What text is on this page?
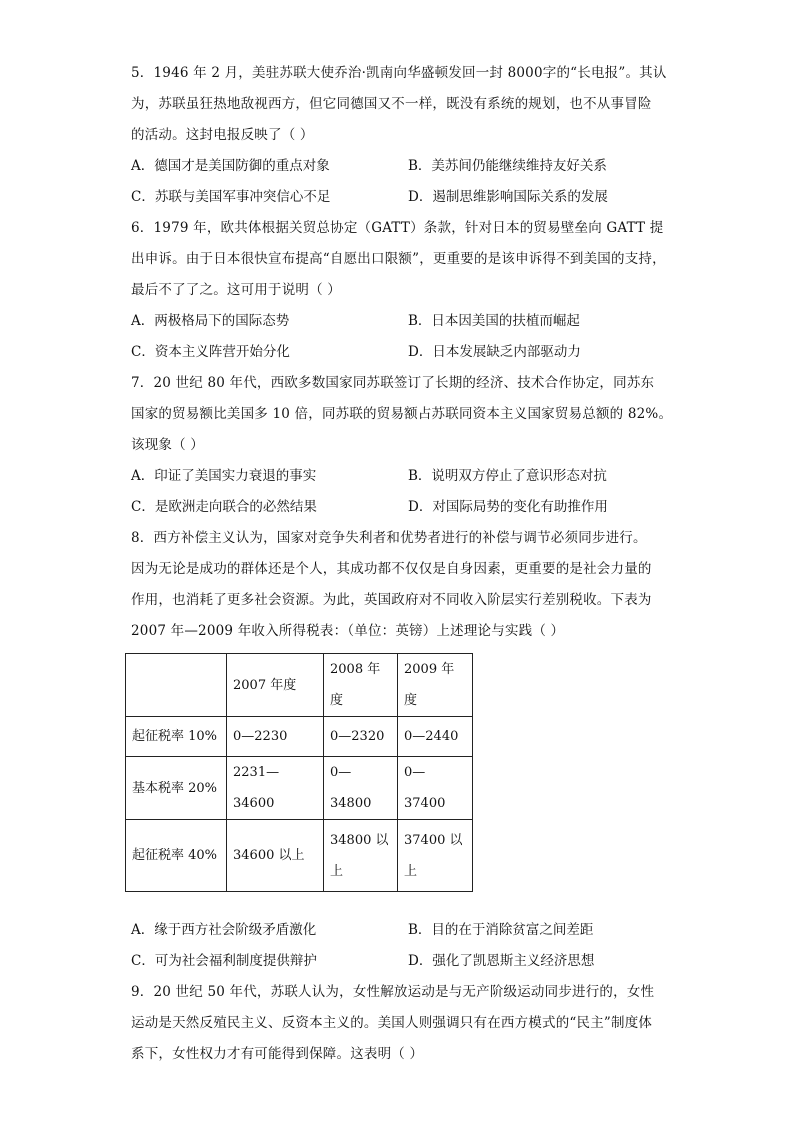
5．1946 年 2 月，美驻苏联大使乔治·凯南向华盛顿发回一封 8000字的“长电报”。其认
为，苏联虽狂热地敌视西方，但它同德国又不一样，既没有系统的规划，也不从事冒险
的活动。这封电报反映了（ ）
A．德国才是美国防御的重点对象	B．美苏间仍能继续维持友好关系
C．苏联与美国军事冲突信心不足	D．遏制思维影响国际关系的发展
6．1979 年，欧共体根据关贸总协定（GATT）条款，针对日本的贸易壁垒向 GATT 提
出申诉。由于日本很快宣布提高“自愿出口限额”，更重要的是该申诉得不到美国的支持，
最后不了了之。这可用于说明（ ）
A．两极格局下的国际态势	B．日本因美国的扶植而崛起
C．资本主义阵营开始分化	D．日本发展缺乏内部驱动力
7．20 世纪 80 年代，西欧多数国家同苏联签订了长期的经济、技术合作协定，同苏东
国家的贸易额比美国多 10 倍，同苏联的贸易额占苏联同资本主义国家贸易总额的 82%。
该现象（ ）
A．印证了美国实力衰退的事实	B．说明双方停止了意识形态对抗
C．是欧洲走向联合的必然结果	D．对国际局势的变化有助推作用
8．西方补偿主义认为，国家对竞争失利者和优势者进行的补偿与调节必须同步进行。
因为无论是成功的群体还是个人，其成功都不仅仅是自身因素，更重要的是社会力量的
作用，也消耗了更多社会资源。为此，英国政府对不同收入阶层实行差别税收。下表为
2007 年—2009 年收入所得税表：（单位：英镑）上述理论与实践（ ）
	2007 年度	2008 年度	2009 年度
起征税率 10%	0—2230	0—2320	0—2440
基本税率 20%	2231—34600	0—34800	0—37400
起征税率 40%	34600 以上	34800 以上	37400 以上
A．缘于西方社会阶级矛盾激化	B．目的在于消除贫富之间差距
C．可为社会福利制度提供辩护	D．强化了凯恩斯主义经济思想
9．20 世纪 50 年代，苏联人认为，女性解放运动是与无产阶级运动同步进行的，女性
运动是天然反殖民主义、反资本主义的。美国人则强调只有在西方模式的“民主”制度体
系下，女性权力才有可能得到保障。这表明（ ）
